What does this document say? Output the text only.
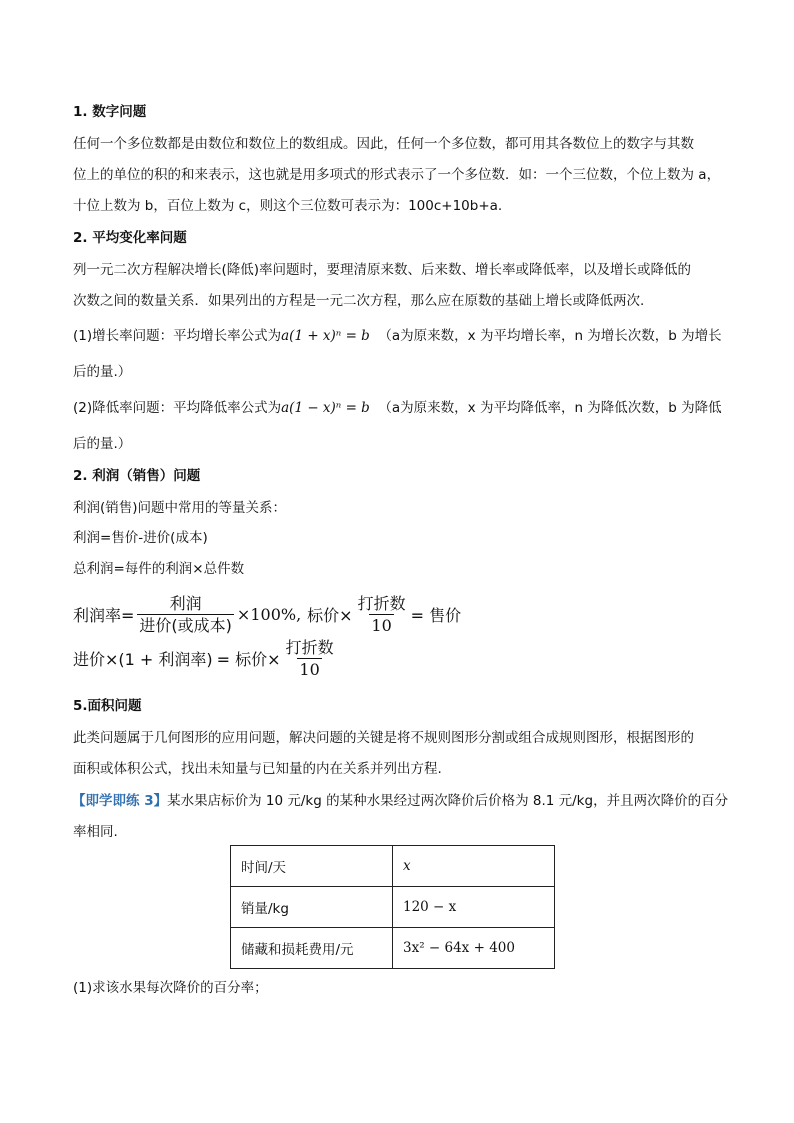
1. 数字问题
任何一个多位数都是由数位和数位上的数组成。因此，任何一个多位数，都可用其各数位上的数字与其数
位上的单位的积的和来表示，这也就是用多项式的形式表示了一个多位数．如：一个三位数，个位上数为 a，
十位上数为 b，百位上数为 c，则这个三位数可表示为：100c+10b+a.
2. 平均变化率问题
列一元二次方程解决增长(降低)率问题时，要理清原来数、后来数、增长率或降低率，以及增长或降低的
次数之间的数量关系．如果列出的方程是一元二次方程，那么应在原数的基础上增长或降低两次.
(1)增长率问题：平均增长率公式为a(1 + x)ⁿ = b （a为原来数，x 为平均增长率，n 为增长次数，b 为增长
后的量.）
(2)降低率问题：平均降低率公式为a(1 − x)ⁿ = b （a为原来数，x 为平均降低率，n 为降低次数，b 为降低
后的量.）
2. 利润（销售）问题
利润(销售)问题中常用的等量关系：
利润=售价-进价(成本)
总利润=每件的利润×总件数
利润率= $\frac{\text{利润}}{\text{进价(或成本)}} \times 100\%$, 标价× $\frac{\text{打折数}}{10}$ = 售价
进价× (1 + 利润率) = 标价× $\frac{\text{打折数}}{10}$
5.面积问题
此类问题属于几何图形的应用问题，解决问题的关键是将不规则图形分割或组合成规则图形，根据图形的
面积或体积公式，找出未知量与已知量的内在关系并列出方程.
【即学即练 3】某水果店标价为 10 元/kg 的某种水果经过两次降价后价格为 8.1 元/kg，并且两次降价的百分
率相同.
时间/天	x
销量/kg	120 − x
储藏和损耗费用/元	3x² − 64x + 400
(1)求该水果每次降价的百分率；
